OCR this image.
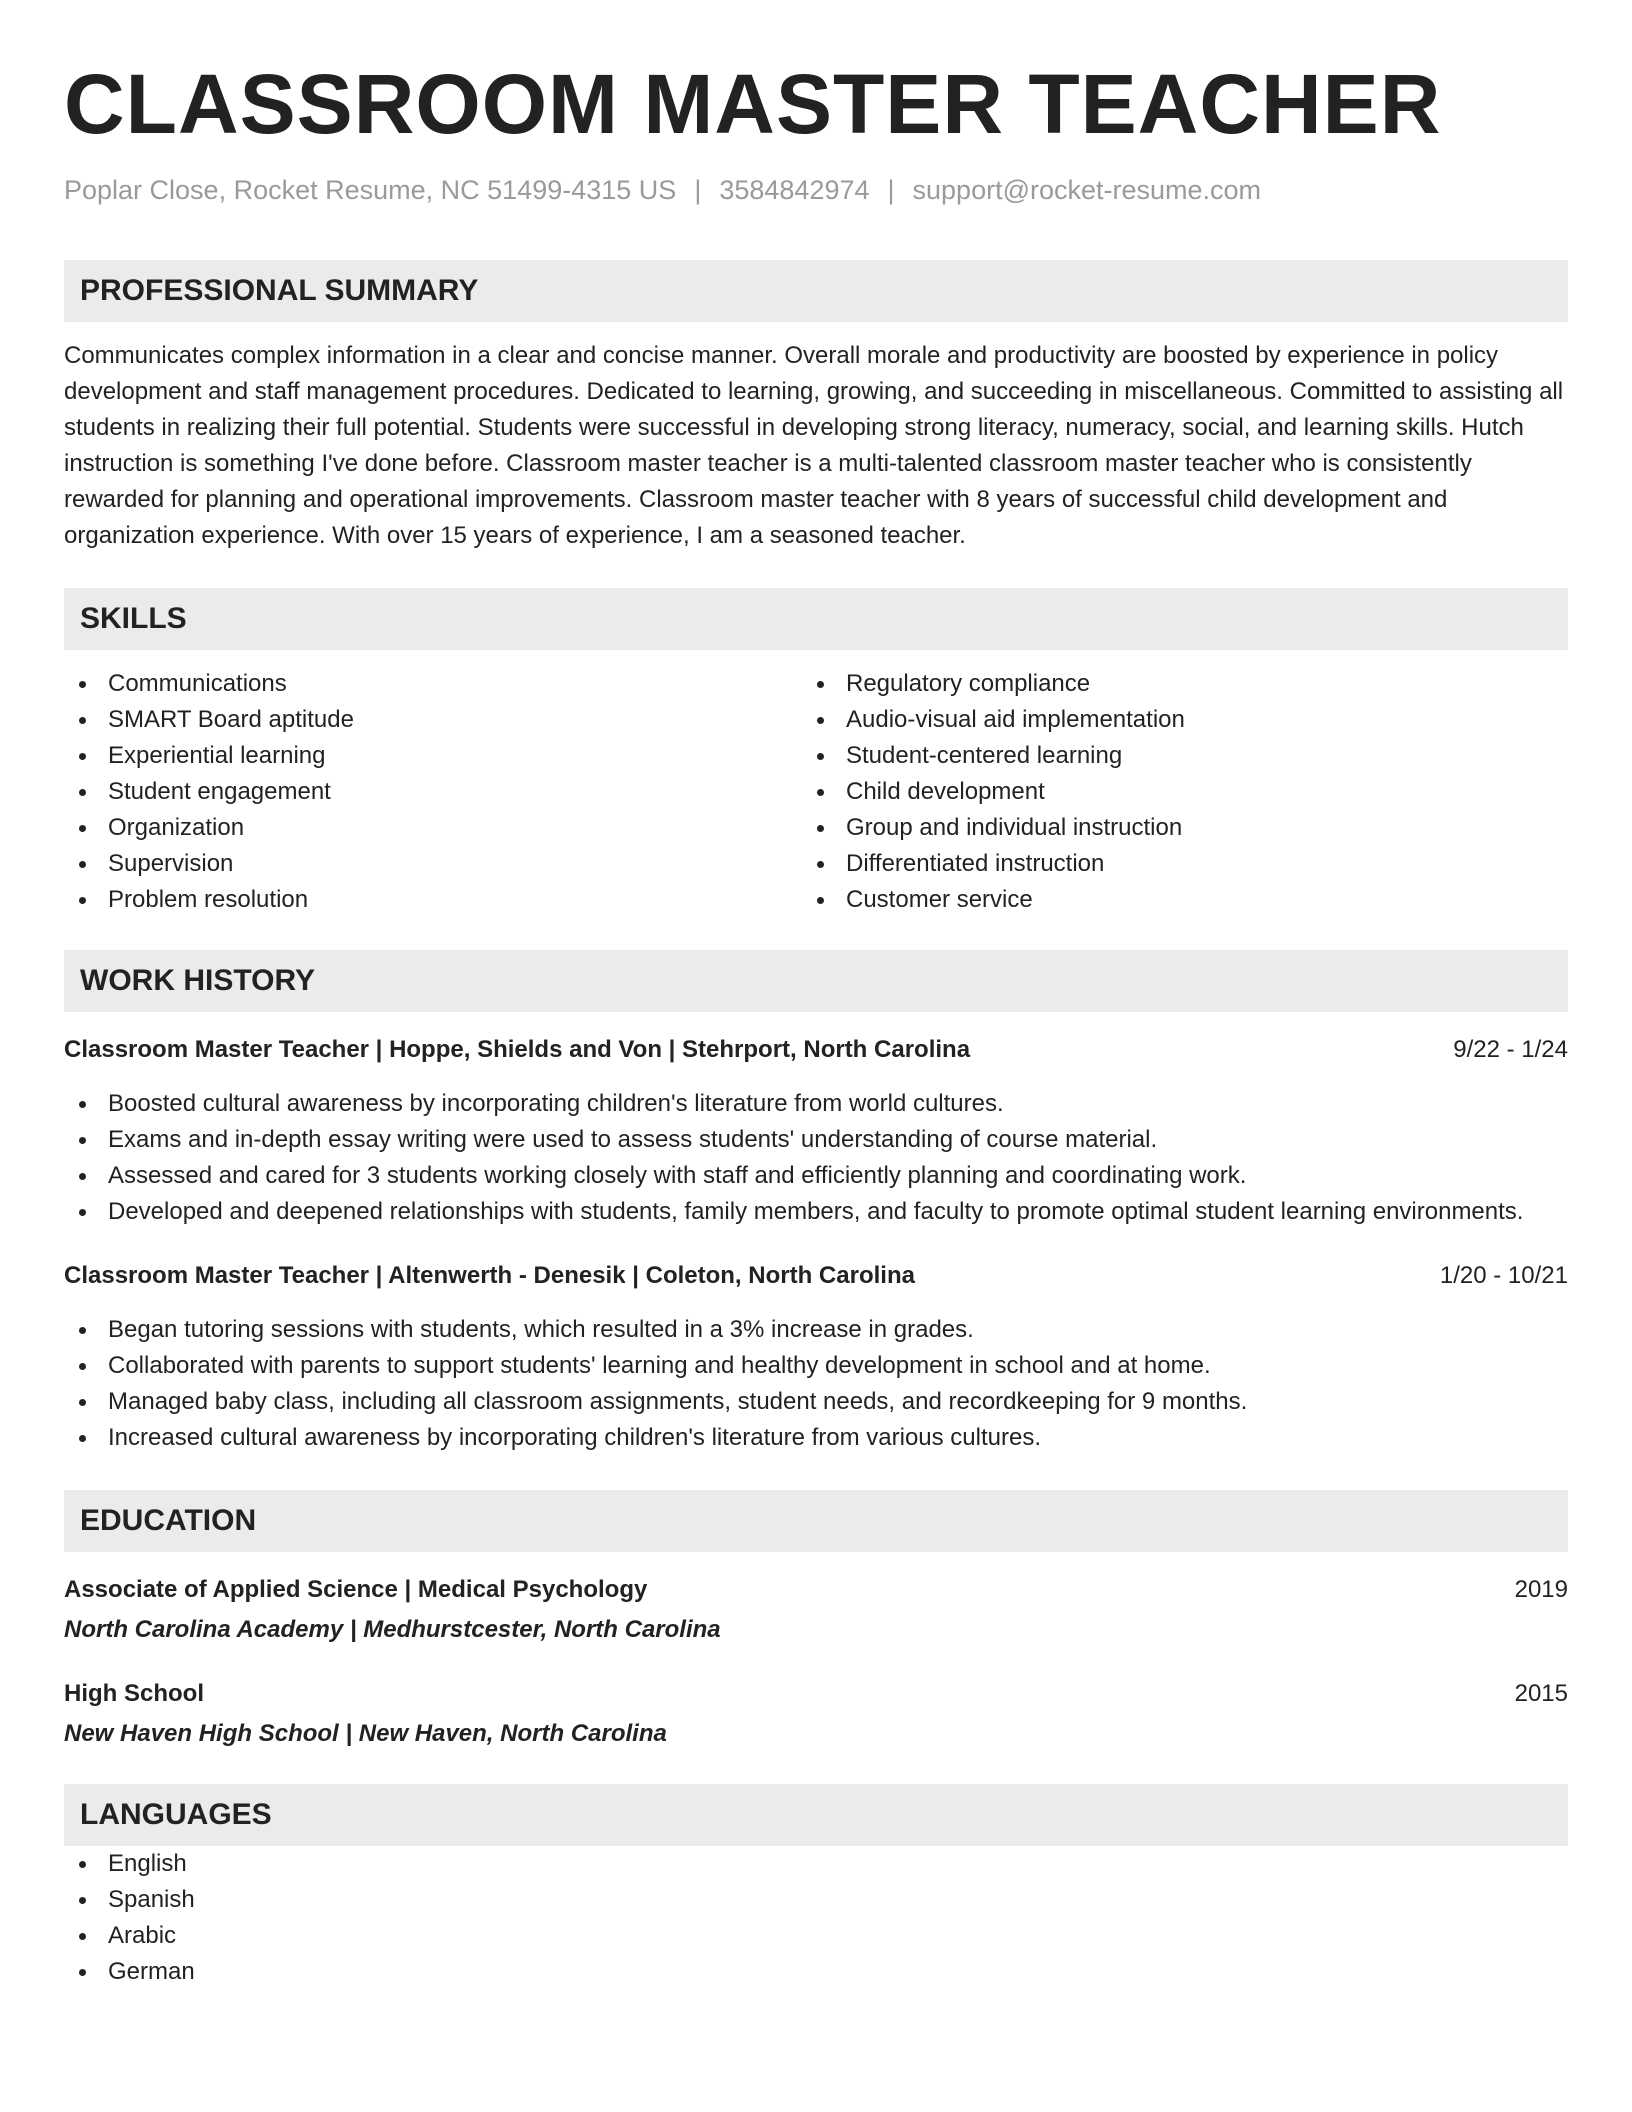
CLASSROOM MASTER TEACHER
Poplar Close, Rocket Resume, NC 51499-4315 US | 3584842974 | support@rocket-resume.com
PROFESSIONAL SUMMARY
Communicates complex information in a clear and concise manner. Overall morale and productivity are boosted by experience in policy development and staff management procedures. Dedicated to learning, growing, and succeeding in miscellaneous. Committed to assisting all students in realizing their full potential. Students were successful in developing strong literacy, numeracy, social, and learning skills. Hutch instruction is something I've done before. Classroom master teacher is a multi-talented classroom master teacher who is consistently rewarded for planning and operational improvements. Classroom master teacher with 8 years of successful child development and organization experience. With over 15 years of experience, I am a seasoned teacher.
SKILLS
Communications
SMART Board aptitude
Experiential learning
Student engagement
Organization
Supervision
Problem resolution
Regulatory compliance
Audio-visual aid implementation
Student-centered learning
Child development
Group and individual instruction
Differentiated instruction
Customer service
WORK HISTORY
Classroom Master Teacher | Hoppe, Shields and Von | Stehrport, North Carolina	9/22 - 1/24
Boosted cultural awareness by incorporating children's literature from world cultures.
Exams and in-depth essay writing were used to assess students' understanding of course material.
Assessed and cared for 3 students working closely with staff and efficiently planning and coordinating work.
Developed and deepened relationships with students, family members, and faculty to promote optimal student learning environments.
Classroom Master Teacher | Altenwerth - Denesik | Coleton, North Carolina	1/20 - 10/21
Began tutoring sessions with students, which resulted in a 3% increase in grades.
Collaborated with parents to support students' learning and healthy development in school and at home.
Managed baby class, including all classroom assignments, student needs, and recordkeeping for 9 months.
Increased cultural awareness by incorporating children's literature from various cultures.
EDUCATION
Associate of Applied Science | Medical Psychology	2019
North Carolina Academy | Medhurstcester, North Carolina
High School	2015
New Haven High School | New Haven, North Carolina
LANGUAGES
English
Spanish
Arabic
German
